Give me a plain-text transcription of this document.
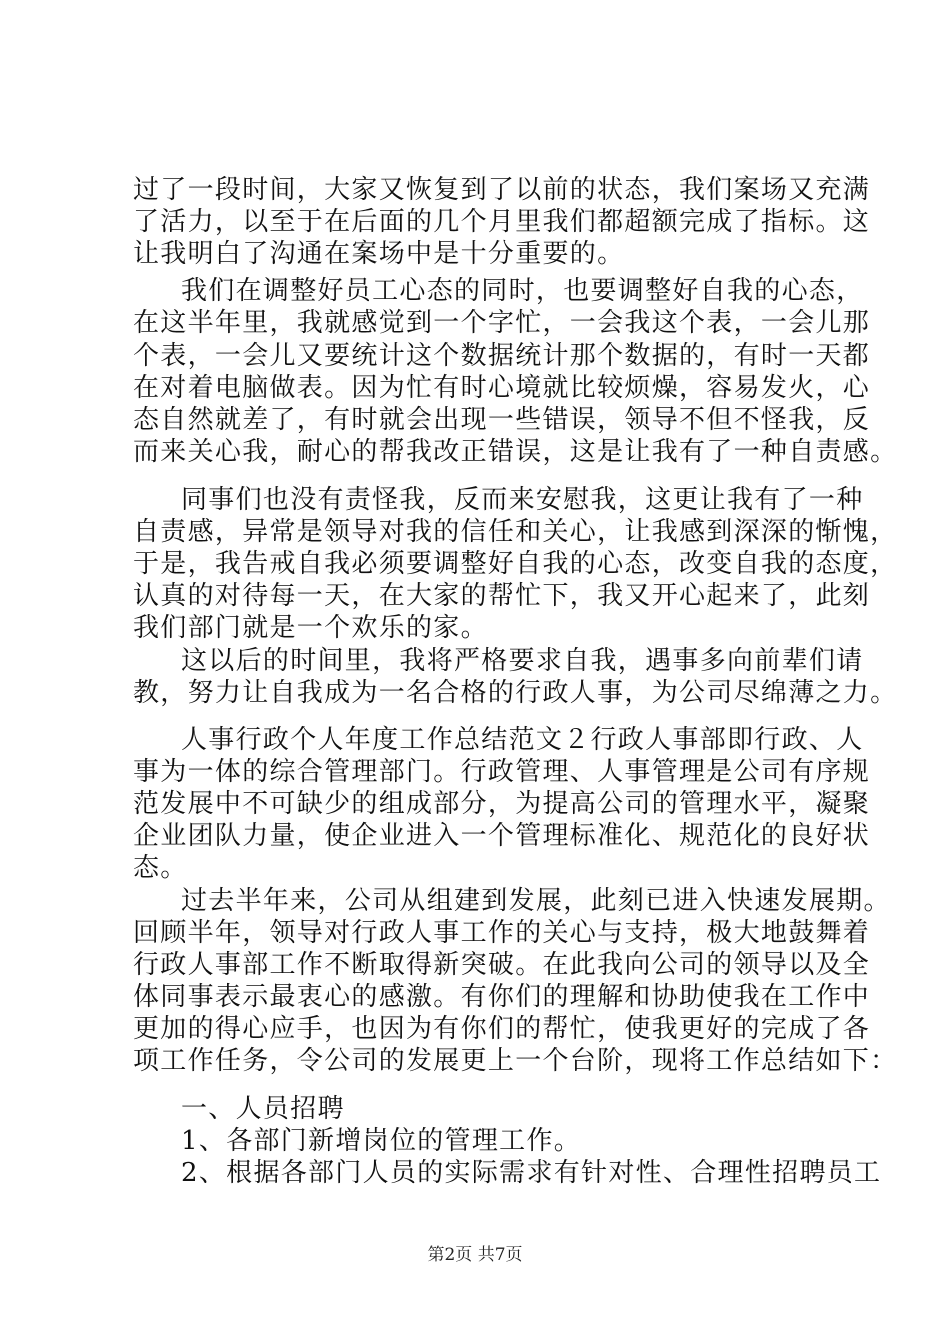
过了一段时间，大家又恢复到了以前的状态，我们案场又充满
了活力，以至于在后面的几个月里我们都超额完成了指标。这
让我明白了沟通在案场中是十分重要的。
我们在调整好员工心态的同时，也要调整好自我的心态，
在这半年里，我就感觉到一个字忙，一会我这个表，一会儿那
个表，一会儿又要统计这个数据统计那个数据的，有时一天都
在对着电脑做表。因为忙有时心境就比较烦燥，容易发火，心
态自然就差了，有时就会出现一些错误，领导不但不怪我，反
而来关心我，耐心的帮我改正错误，这是让我有了一种自责感。
同事们也没有责怪我，反而来安慰我，这更让我有了一种
自责感，异常是领导对我的信任和关心，让我感到深深的惭愧，
于是，我告戒自我必须要调整好自我的心态，改变自我的态度，
认真的对待每一天，在大家的帮忙下，我又开心起来了，此刻
我们部门就是一个欢乐的家。
这以后的时间里，我将严格要求自我，遇事多向前辈们请
教，努力让自我成为一名合格的行政人事，为公司尽绵薄之力。
人事行政个人年度工作总结范文２行政人事部即行政、人
事为一体的综合管理部门。行政管理、人事管理是公司有序规
范发展中不可缺少的组成部分，为提高公司的管理水平，凝聚
企业团队力量，使企业进入一个管理标准化、规范化的良好状
态。
过去半年来，公司从组建到发展，此刻已进入快速发展期。
回顾半年，领导对行政人事工作的关心与支持，极大地鼓舞着
行政人事部工作不断取得新突破。在此我向公司的领导以及全
体同事表示最衷心的感激。有你们的理解和协助使我在工作中
更加的得心应手，也因为有你们的帮忙，使我更好的完成了各
项工作任务，令公司的发展更上一个台阶，现将工作总结如下：
一、人员招聘
1、各部门新增岗位的管理工作。
2、根据各部门人员的实际需求有针对性、合理性招聘员工
第2页 共7页
